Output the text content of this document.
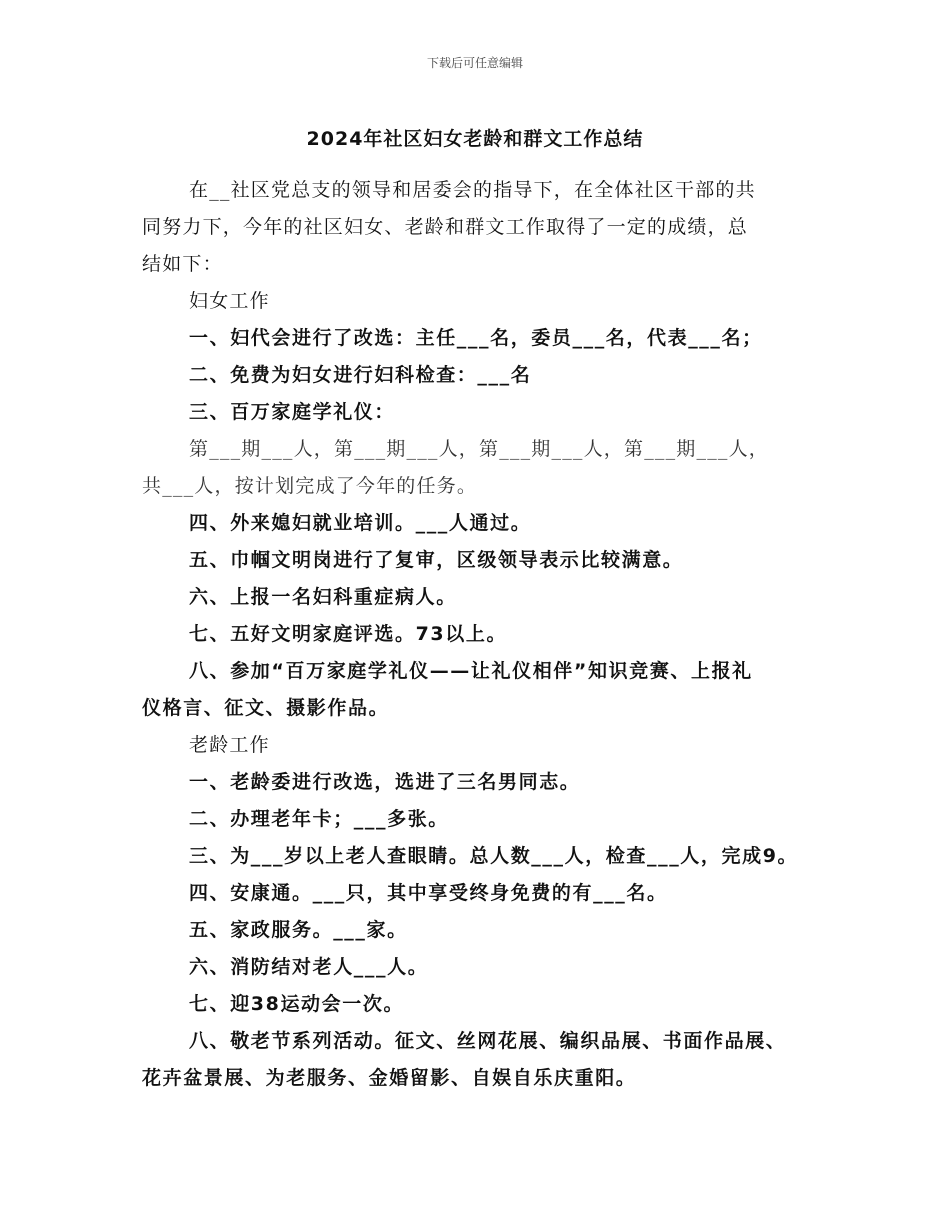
下载后可任意编辑
2024年社区妇女老龄和群文工作总结

在__社区党总支的领导和居委会的指导下，在全体社区干部的共

同努力下，今年的社区妇女、老龄和群文工作取得了一定的成绩，总

结如下：

妇女工作

一、妇代会进行了改选：主任___名，委员___名，代表___名；

二、免费为妇女进行妇科检查：___名

三、百万家庭学礼仪：

第___期___人，第___期___人，第___期___人，第___期___人，

共___人，按计划完成了今年的任务。

四、外来媳妇就业培训。___人通过。

五、巾帼文明岗进行了复审，区级领导表示比较满意。

六、上报一名妇科重症病人。

七、五好文明家庭评选。73以上。

八、参加“百万家庭学礼仪——让礼仪相伴”知识竞赛、上报礼

仪格言、征文、摄影作品。

老龄工作

一、老龄委进行改选，选进了三名男同志。

二、办理老年卡；___多张。

三、为___岁以上老人查眼睛。总人数___人，检查___人，完成9。

四、安康通。___只，其中享受终身免费的有___名。

五、家政服务。___家。

六、消防结对老人___人。

七、迎38运动会一次。

八、敬老节系列活动。征文、丝网花展、编织品展、书面作品展、

花卉盆景展、为老服务、金婚留影、自娱自乐庆重阳。
